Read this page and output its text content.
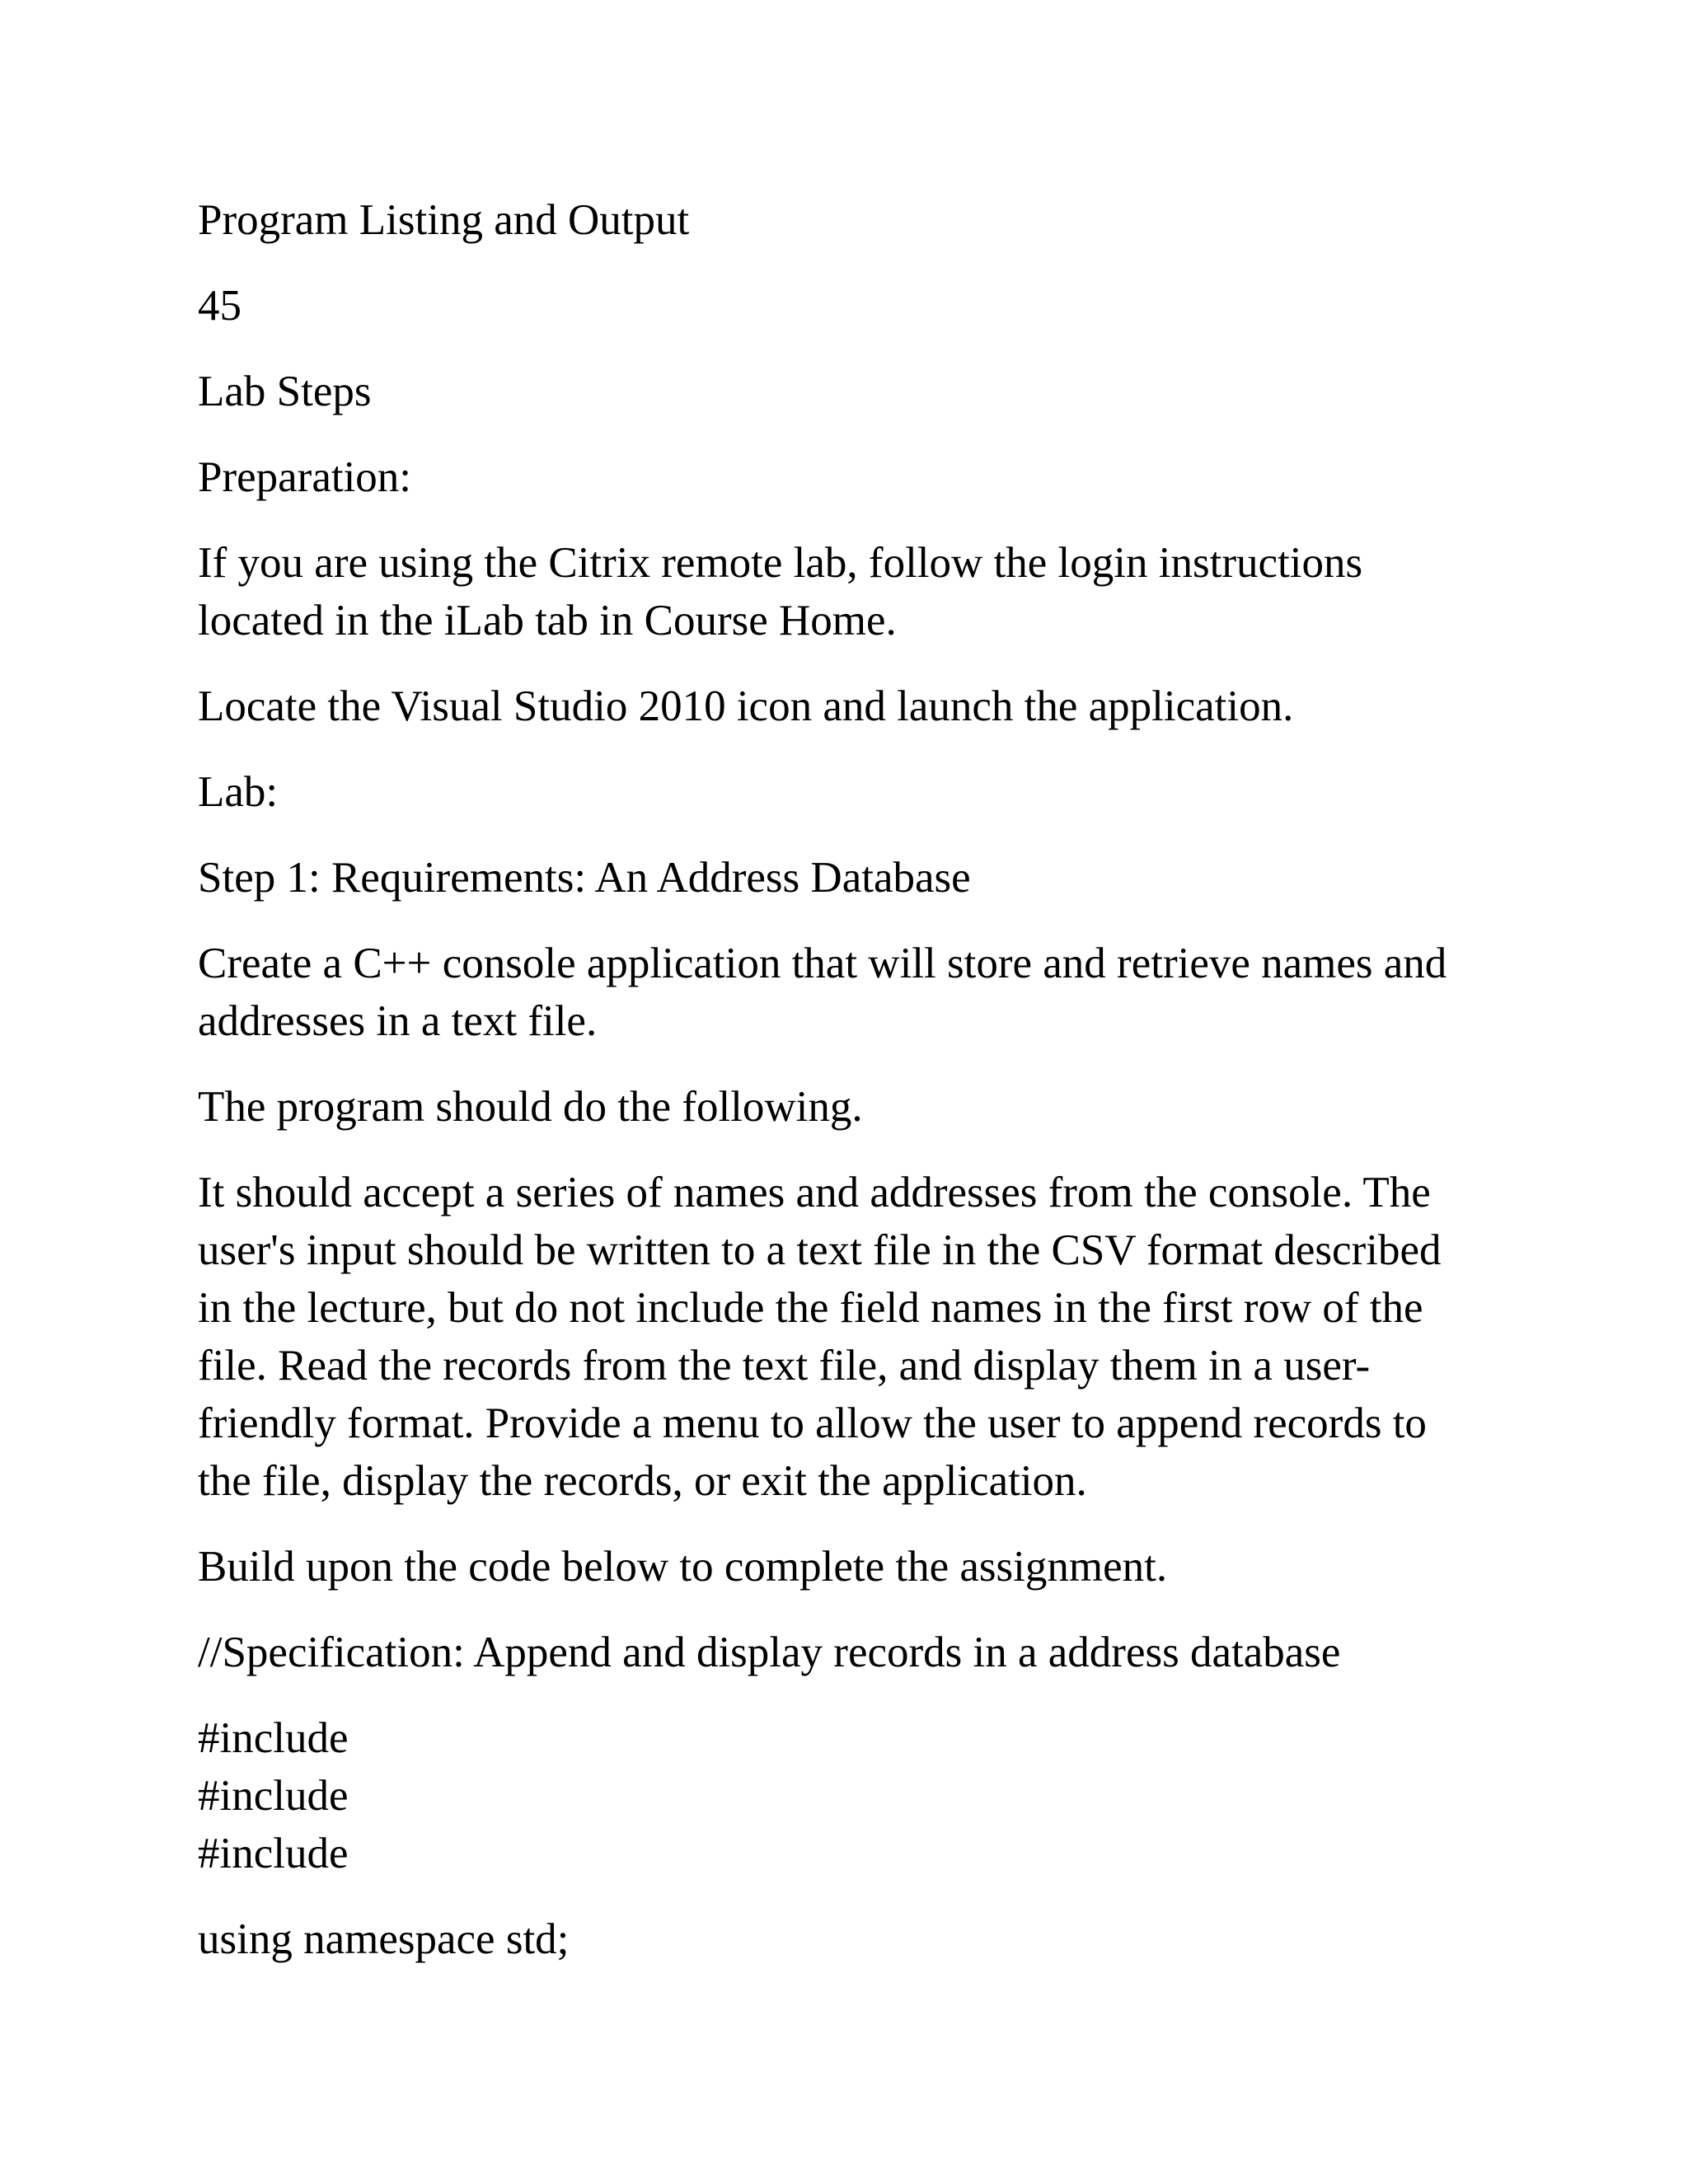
Program Listing and Output

45

Lab Steps

Preparation:

If you are using the Citrix remote lab, follow the login instructions
located in the iLab tab in Course Home.

Locate the Visual Studio 2010 icon and launch the application.

Lab:

Step 1: Requirements: An Address Database

Create a C++ console application that will store and retrieve names and
addresses in a text file.

The program should do the following.

It should accept a series of names and addresses from the console. The
user's input should be written to a text file in the CSV format described
in the lecture, but do not include the field names in the first row of the
file. Read the records from the text file, and display them in a user-
friendly format. Provide a menu to allow the user to append records to
the file, display the records, or exit the application.

Build upon the code below to complete the assignment.

//Specification: Append and display records in a address database

#include
#include
#include

using namespace std;
